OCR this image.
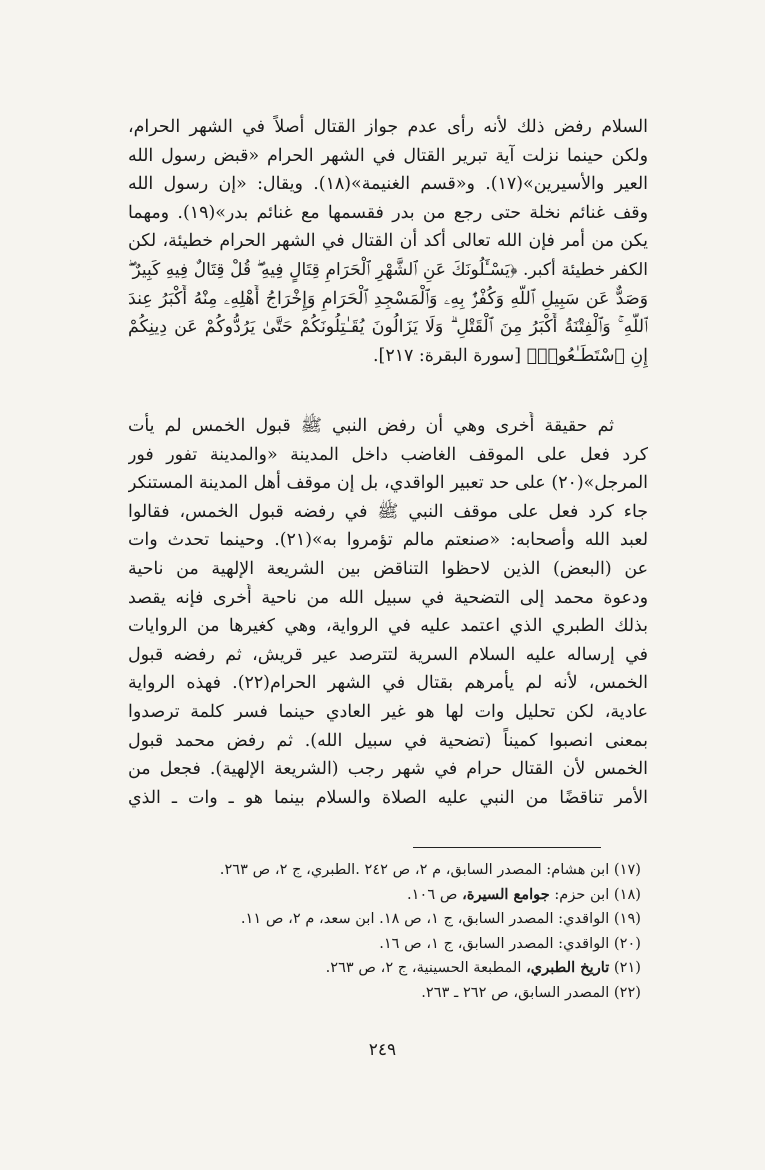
السلام رفض ذلك لأنه رأى عدم جواز القتال أصلاً في الشهر الحرام،
ولكن حينما نزلت آية تبرير القتال في الشهر الحرام «قبض رسول الله
العير والأسيرين»(١٧). و«قسم الغنيمة»(١٨). ويقال: «إن رسول الله
وقف غنائم نخلة حتى رجع من بدر فقسمها مع غنائم بدر»(١٩). ومهما
يكن من أمر فإن الله تعالى أكد أن القتال في الشهر الحرام خطيئة، لكن
الكفر خطيئة أكبر. ﴿يَسْـَٔلُونَكَ عَنِ ٱلشَّهْرِ ٱلْحَرَامِ قِتَالٍ فِيهِ ۖ قُلْ قِتَالٌ فِيهِ كَبِيرٌ ۖ
وَصَدٌّ عَن سَبِيلِ ٱللَّهِ وَكُفْرٌۢ بِهِۦ وَٱلْمَسْجِدِ ٱلْحَرَامِ وَإِخْرَاجُ أَهْلِهِۦ مِنْهُ أَكْبَرُ عِندَ
ٱللَّهِ ۚ وَٱلْفِتْنَةُ أَكْبَرُ مِنَ ٱلْقَتْلِ ۗ وَلَا يَزَالُونَ يُقَـٰتِلُونَكُمْ حَتَّىٰ يَرُدُّوكُمْ عَن دِينِكُمْ
إِنِ ٱسْتَطَـٰعُوا۟﴾ [سورة البقرة: ٢١٧].
ثم حقيقة أُخرى وهي أن رفض النبي ﷺ قبول الخمس لم يأت
كرد فعل على الموقف الغاضب داخل المدينة «والمدينة تفور فور
المرجل»(٢٠) على حد تعبير الواقدي، بل إن موقف أهل المدينة المستنكر
جاء كرد فعل على موقف النبي ﷺ في رفضه قبول الخمس، فقالوا
لعبد الله وأصحابه: «صنعتم مالم تؤمروا به»(٢١). وحينما تحدث وات
عن (البعض) الذين لاحظوا التناقض بين الشريعة الإلهية من ناحية
ودعوة محمد إلى التضحية في سبيل الله من ناحية أُخرى فإنه يقصد
بذلك الطبري الذي اعتمد عليه في الرواية، وهي كغيرها من الروايات
في إرساله عليه السلام السرية لتترصد عير قريش، ثم رفضه قبول
الخمس، لأنه لم يأمرهم بقتال في الشهر الحرام(٢٢). فهذه الرواية
عادية، لكن تحليل وات لها هو غير العادي حينما فسر كلمة ترصدوا
بمعنى انصبوا كميناً (تضحية في سبيل الله). ثم رفض محمد قبول
الخمس لأن القتال حرام في شهر رجب (الشريعة الإلهية). فجعل من
الأمر تناقضًا من النبي عليه الصلاة والسلام بينما هو ـ وات ـ الذي
(١٧) ابن هشام: المصدر السابق، م ٢، ص ٢٤٢ .الطبري، ج ٢، ص ٢٦٣.
(١٨) ابن حزم: جوامع السيرة، ص ١٠٦.
(١٩) الواقدي: المصدر السابق، ج ١، ص ١٨. ابن سعد، م ٢، ص ١١.
(٢٠) الواقدي: المصدر السابق، ج ١، ص ١٦.
(٢١) تاريخ الطبري، المطبعة الحسينية، ج ٢، ص ٢٦٣.
(٢٢) المصدر السابق، ص ٢٦٢ ـ ٢٦٣.
٢٤٩
